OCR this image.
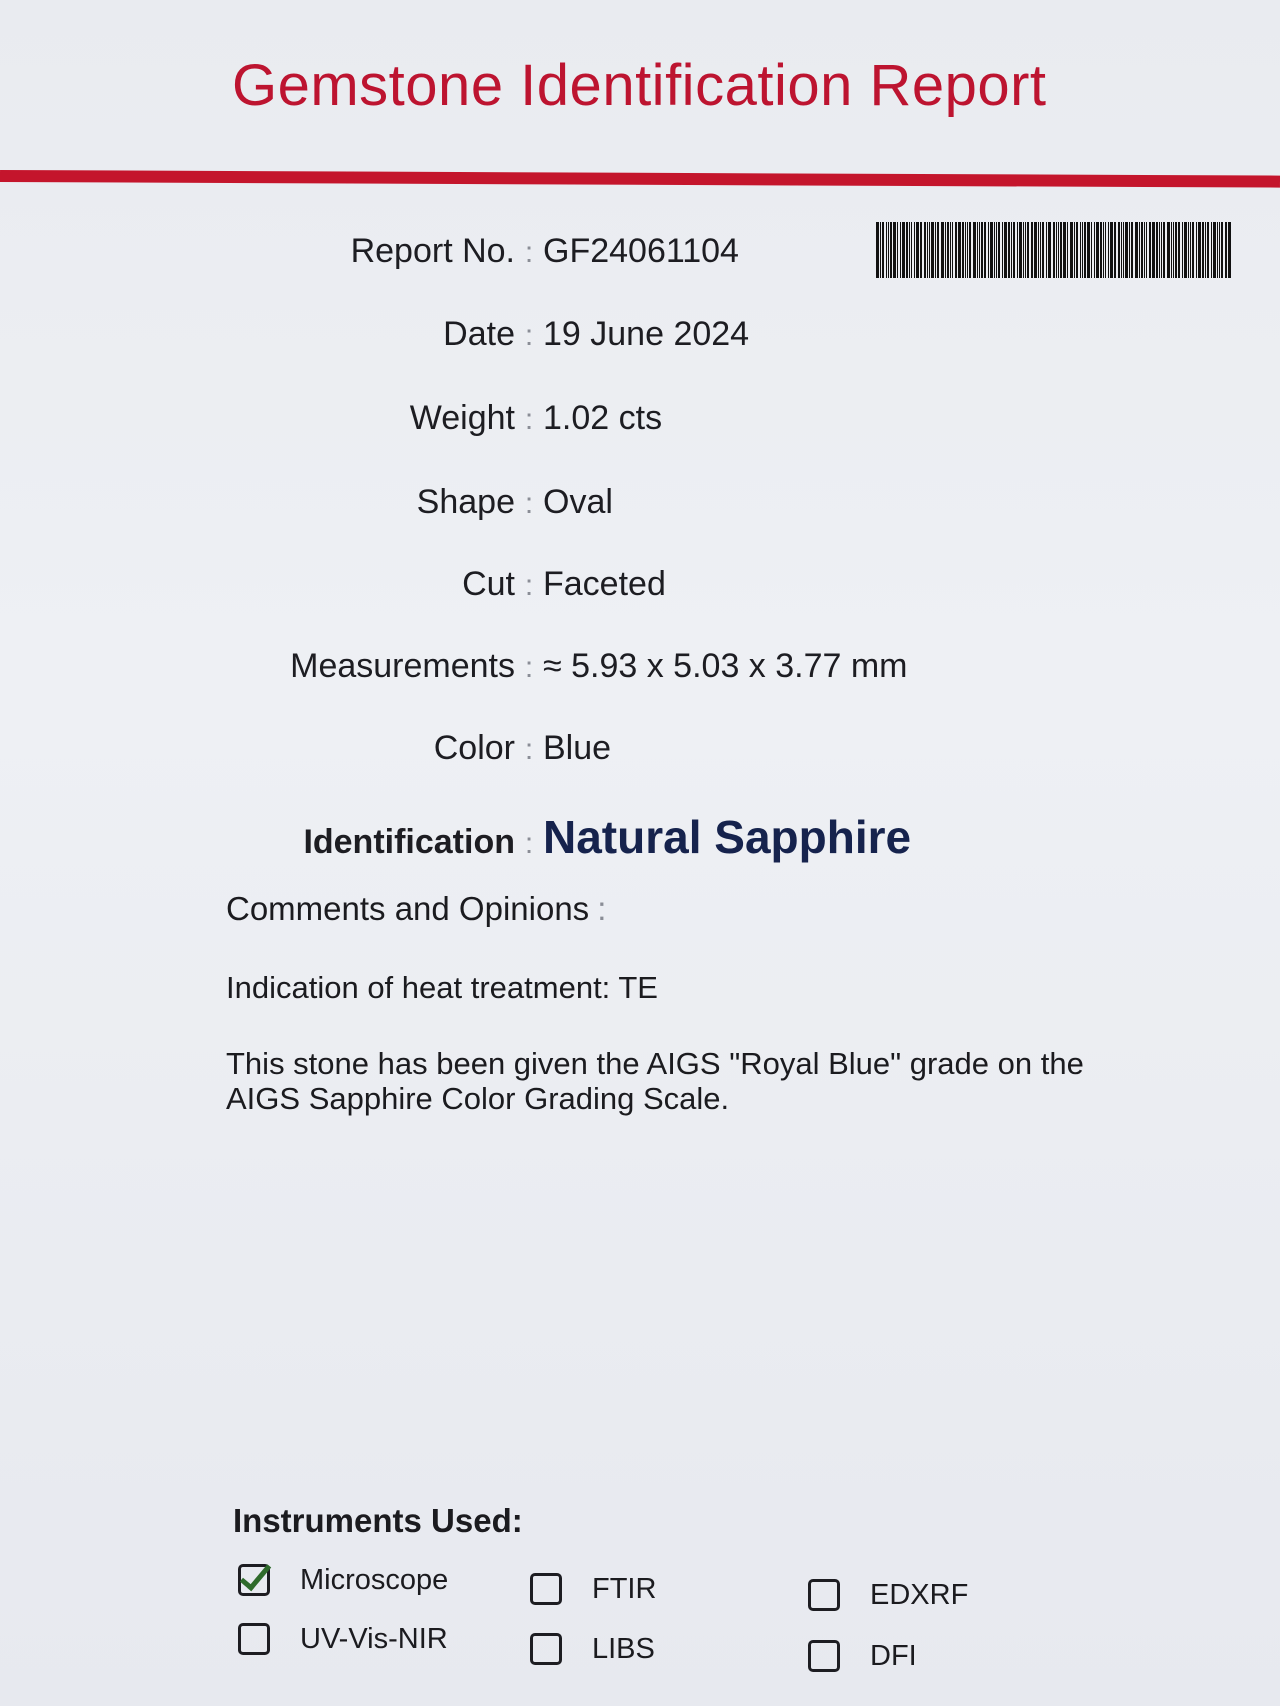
Gemstone Identification Report
Report No. : GF24061104
Date : 19 June 2024
Weight : 1.02 cts
Shape : Oval
Cut : Faceted
Measurements : ≈ 5.93 x 5.03 x 3.77 mm
Color : Blue
Identification : Natural Sapphire
Comments and Opinions :
Indication of heat treatment: TE
This stone has been given the AIGS "Royal Blue" grade on the
AIGS Sapphire Color Grading Scale.
Instruments Used:
Microscope
UV-Vis-NIR
FTIR
LIBS
EDXRF
DFI
